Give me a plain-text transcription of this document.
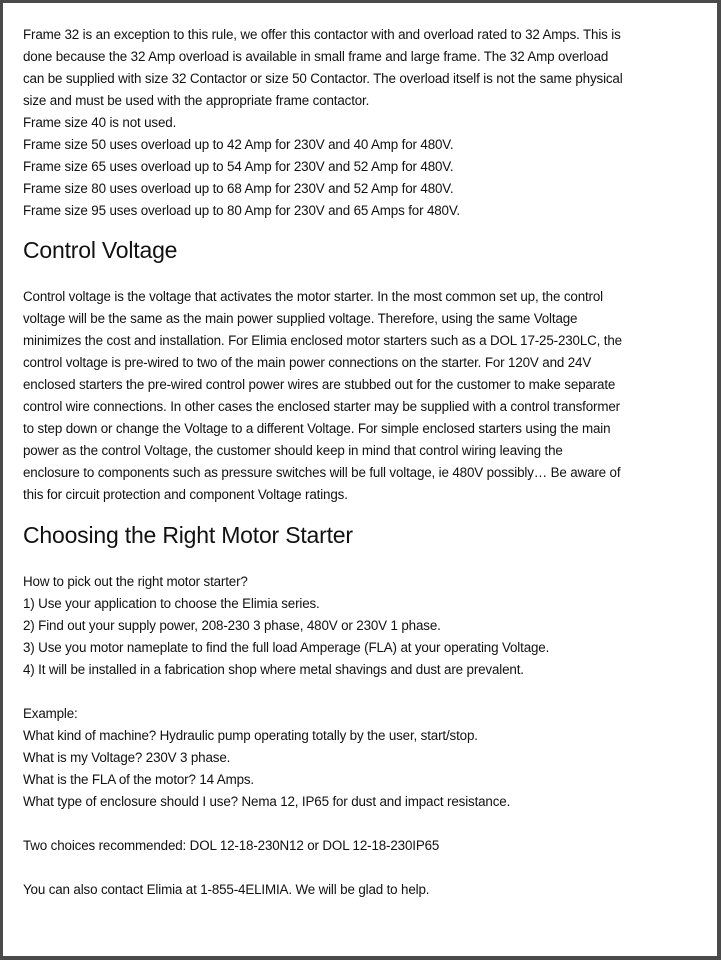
Frame 32 is an exception to this rule, we offer this contactor with and overload rated to 32 Amps. This is
done because the 32 Amp overload is available in small frame and large frame. The 32 Amp overload
can be supplied with size 32 Contactor or size 50 Contactor. The overload itself is not the same physical
size and must be used with the appropriate frame contactor.
Frame size 40 is not used.
Frame size 50 uses overload up to 42 Amp for 230V and 40 Amp for 480V.
Frame size 65 uses overload up to 54 Amp for 230V and 52 Amp for 480V.
Frame size 80 uses overload up to 68 Amp for 230V and 52 Amp for 480V.
Frame size 95 uses overload up to 80 Amp for 230V and 65 Amps for 480V.
Control Voltage
Control voltage is the voltage that activates the motor starter. In the most common set up, the control
voltage will be the same as the main power supplied voltage. Therefore, using the same Voltage
minimizes the cost and installation. For Elimia enclosed motor starters such as a DOL 17-25-230LC, the
control voltage is pre-wired to two of the main power connections on the starter. For 120V and 24V
enclosed starters the pre-wired control power wires are stubbed out for the customer to make separate
control wire connections. In other cases the enclosed starter may be supplied with a control transformer
to step down or change the Voltage to a different Voltage. For simple enclosed starters using the main
power as the control Voltage, the customer should keep in mind that control wiring leaving the
enclosure to components such as pressure switches will be full voltage, ie 480V possibly… Be aware of
this for circuit protection and component Voltage ratings.
Choosing the Right Motor Starter
How to pick out the right motor starter?
1) Use your application to choose the Elimia series.
2) Find out your supply power, 208-230 3 phase, 480V or 230V 1 phase.
3) Use you motor nameplate to find the full load Amperage (FLA) at your operating Voltage.
4) It will be installed in a fabrication shop where metal shavings and dust are prevalent.
Example:
What kind of machine? Hydraulic pump operating totally by the user, start/stop.
What is my Voltage? 230V 3 phase.
What is the FLA of the motor? 14 Amps.
What type of enclosure should I use? Nema 12, IP65 for dust and impact resistance.
Two choices recommended: DOL 12-18-230N12 or DOL 12-18-230IP65
You can also contact Elimia at 1-855-4ELIMIA. We will be glad to help.
